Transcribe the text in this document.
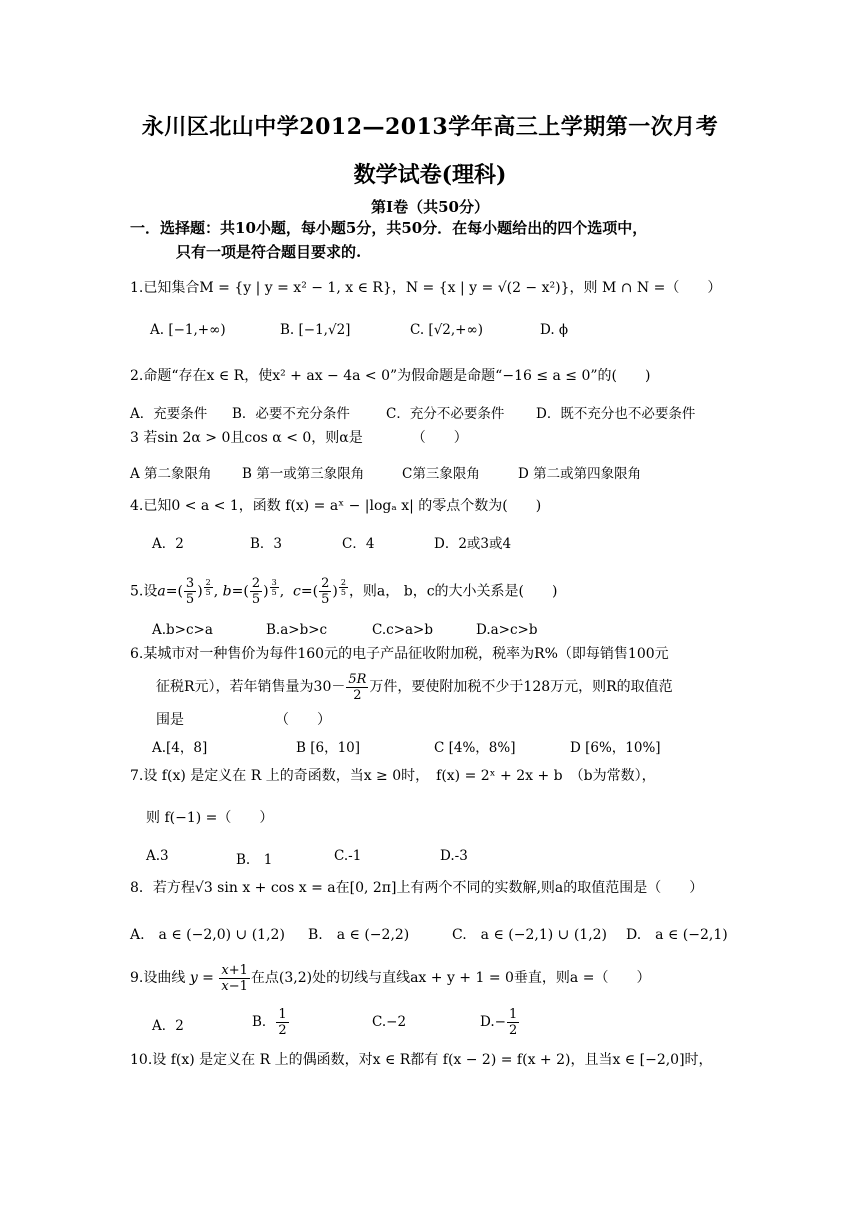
永川区北山中学2012—2013学年高三上学期第一次月考
数学试卷(理科)
第Ⅰ卷（共50分）
一．选择题：共10小题，每小题5分，共50分．在每小题给出的四个选项中，
只有一项是符合题目要求的.
1.已知集合M = {y | y = x² − 1, x ∈ R}，N = {x | y = √(2 − x²)}，则 M ∩ N =（　　）
A. [−1,+∞)	B. [−1,√2]	C. [√2,+∞)	D. ϕ
2.命题“存在x ∈ R，使x² + ax − 4a < 0”为假命题是命题“−16 ≤ a ≤ 0”的(　　)
A．充要条件 B．必要不充分条件	C．充分不必要条件 D．既不充分也不必要条件
3 若sin 2α > 0且cos α < 0，则α是　　　　（　　）
A 第二象限角 B 第一或第三象限角	C第三象限角	D 第二或第四象限角
4.已知0 < a < 1，函数 f(x) = aˣ − |logₐ x| 的零点个数为(　　)
A．2	B．3	C．4	D．2或3或4
5.设$a=( \frac{3}{5}$ ) $^{\frac{2}{5}}$ , $b=( \frac{2}{5}$ ) $^{\frac{3}{5}}$ ,  $c=( \frac{2}{5}$ ) $^{\frac{2}{5}}$ ，则a， b，c的大小关系是(　　)
A.b>c>a	B.a>b>c	C.c>a>b	D.a>c>b
6.某城市对一种售价为每件160元的电子产品征收附加税，税率为R%（即每销售100元
征税R元），若年销售量为$30- \frac{5R}{2}$ 万件，要使附加税不少于128万元，则R的取值范
围是　　　　　　　（　　）
A.[4，8]	B [6，10]	C [4%，8%]	D [6%，10%]
7.设 f(x) 是定义在 R 上的奇函数，当x ≥ 0时，　f(x) = 2ˣ + 2x + b　（b为常数），
则 f(−1) =（　　）
A.3	B.　1	C.-1	D.-3
8．若方程√3 sin x + cos x = a在[0, 2π]上有两个不同的实数解,则a的取值范围是（　　）
A.　a ∈ (−2,0) ∪ (1,2) B.　a ∈ (−2,2)	C.　a ∈ (−2,1) ∪ (1,2) D.　a ∈ (−2,1)
9.设曲线 $y = \frac{x+1}{x-1}$ 在点(3,2)处的切线与直线ax + y + 1 = 0垂直，则a =（　　）
A．2	B． $\frac{1}{2}$	C.−2	$D.- \frac{1}{2}$
10.设 f(x) 是定义在 R 上的偶函数，对x ∈ R都有 f(x − 2) = f(x + 2)，且当x ∈ [−2,0]时，
